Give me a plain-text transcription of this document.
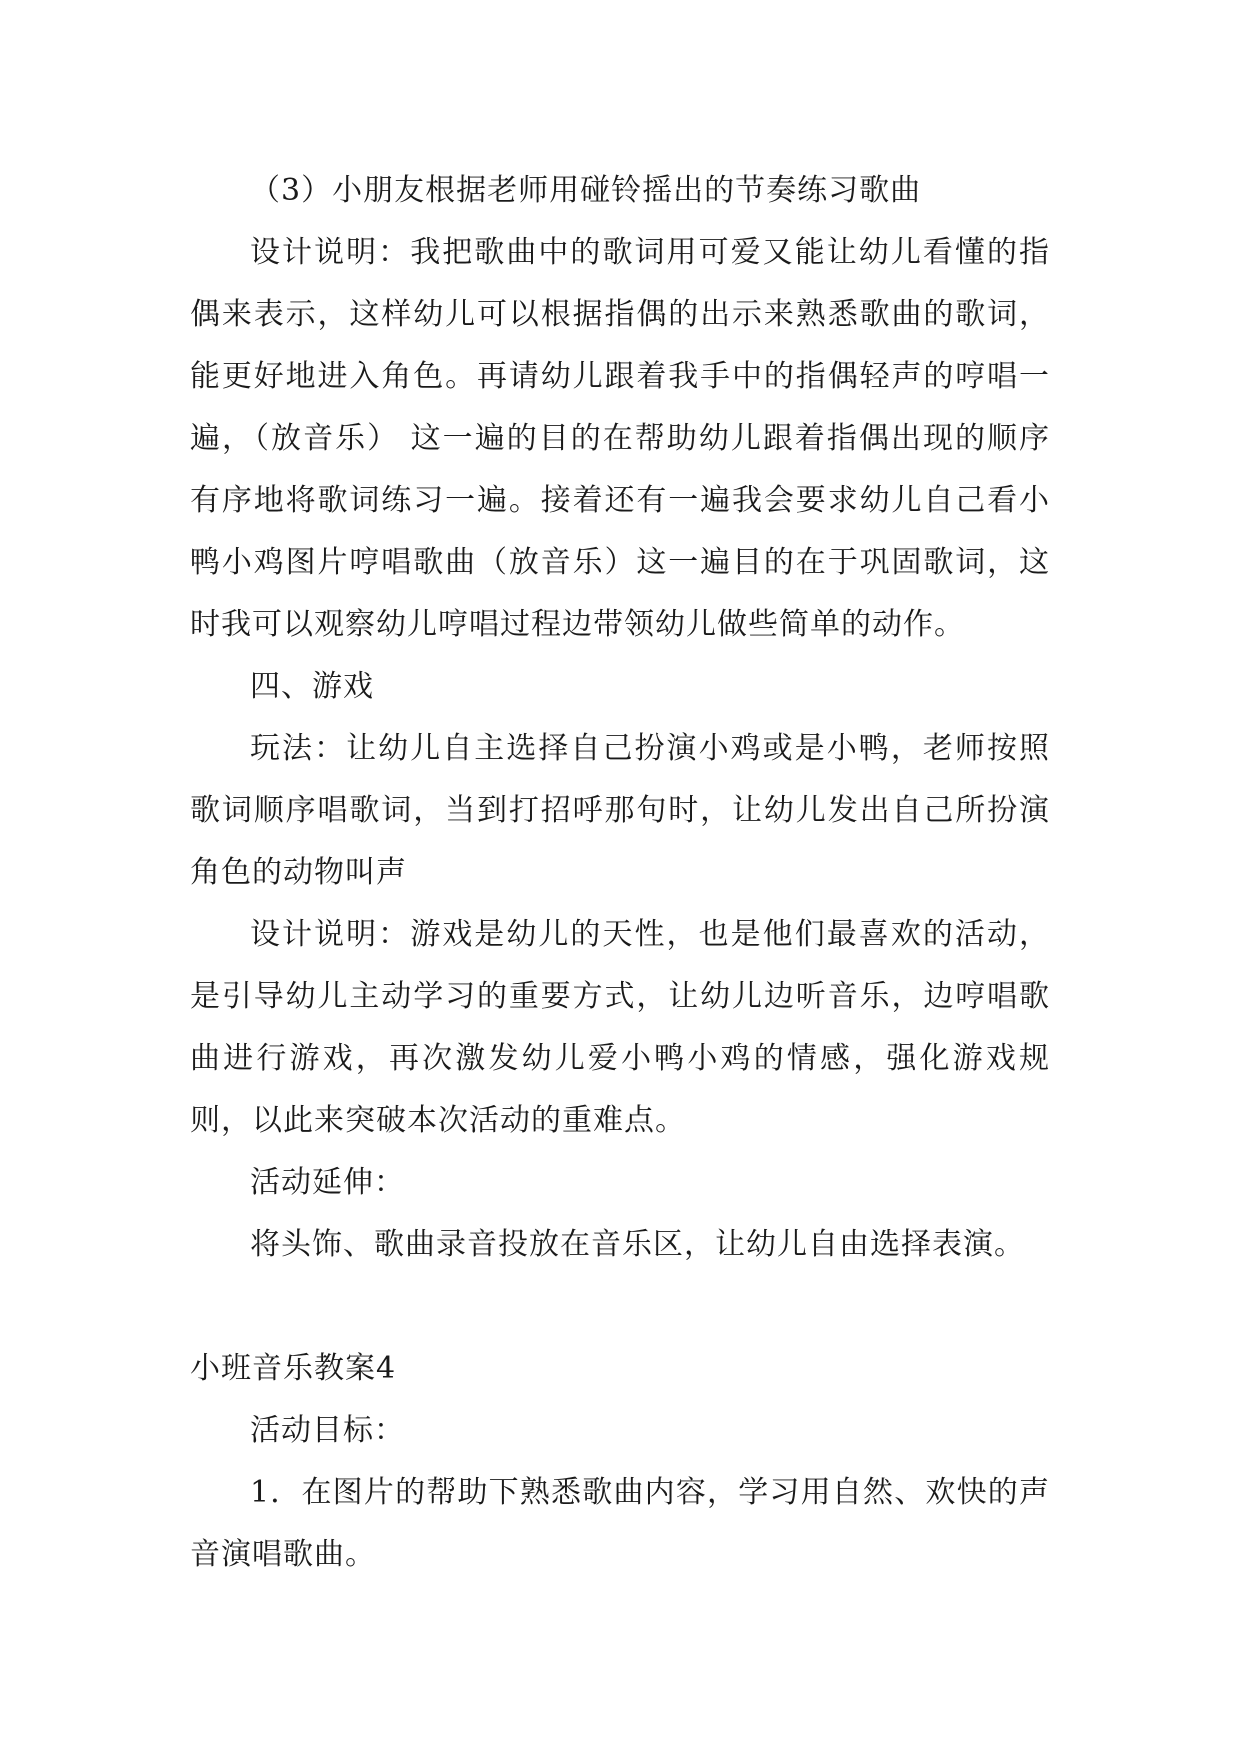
（3）小朋友根据老师用碰铃摇出的节奏练习歌曲

设计说明：我把歌曲中的歌词用可爱又能让幼儿看懂的指偶来表示，这样幼儿可以根据指偶的出示来熟悉歌曲的歌词，能更好地进入角色。再请幼儿跟着我手中的指偶轻声的哼唱一遍，（放音乐） 这一遍的目的在帮助幼儿跟着指偶出现的顺序有序地将歌词练习一遍。接着还有一遍我会要求幼儿自己看小鸭小鸡图片哼唱歌曲（放音乐）这一遍目的在于巩固歌词，这时我可以观察幼儿哼唱过程边带领幼儿做些简单的动作。

四、游戏

玩法：让幼儿自主选择自己扮演小鸡或是小鸭，老师按照歌词顺序唱歌词，当到打招呼那句时，让幼儿发出自己所扮演角色的动物叫声

设计说明：游戏是幼儿的天性，也是他们最喜欢的活动，是引导幼儿主动学习的重要方式，让幼儿边听音乐，边哼唱歌曲进行游戏，再次激发幼儿爱小鸭小鸡的情感，强化游戏规则，以此来突破本次活动的重难点。

活动延伸：

将头饰、歌曲录音投放在音乐区，让幼儿自由选择表演。

小班音乐教案4

活动目标：

1．在图片的帮助下熟悉歌曲内容，学习用自然、欢快的声音演唱歌曲。
